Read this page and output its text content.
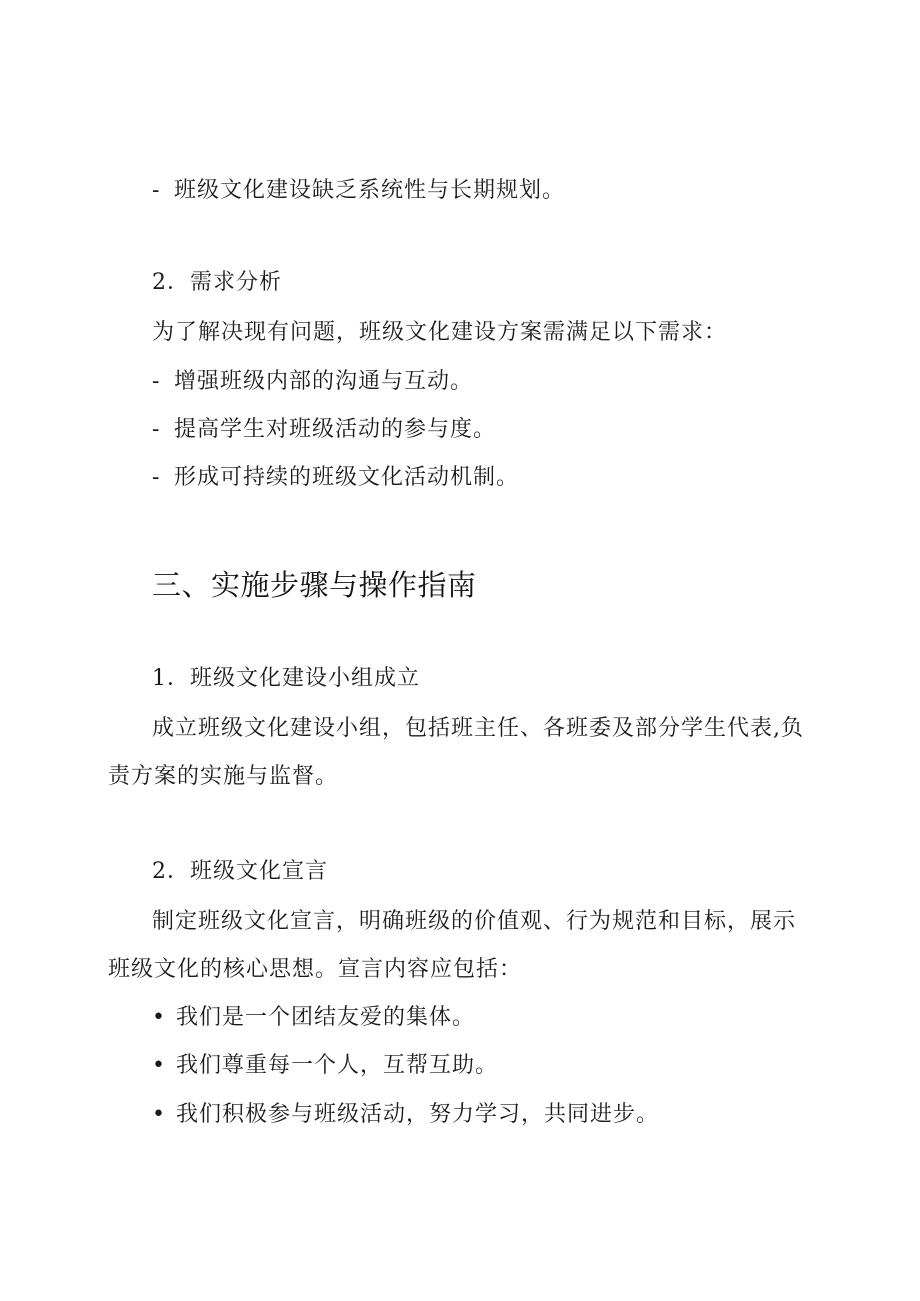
- 班级文化建设缺乏系统性与长期规划。
2．需求分析
为了解决现有问题，班级文化建设方案需满足以下需求：
- 增强班级内部的沟通与互动。
- 提高学生对班级活动的参与度。
- 形成可持续的班级文化活动机制。
三、实施步骤与操作指南
1．班级文化建设小组成立
成立班级文化建设小组，包括班主任、各班委及部分学生代表,负
责方案的实施与监督。
2．班级文化宣言
制定班级文化宣言，明确班级的价值观、行为规范和目标，展示
班级文化的核心思想。宣言内容应包括：
• 我们是一个团结友爱的集体。
• 我们尊重每一个人，互帮互助。
• 我们积极参与班级活动，努力学习，共同进步。
